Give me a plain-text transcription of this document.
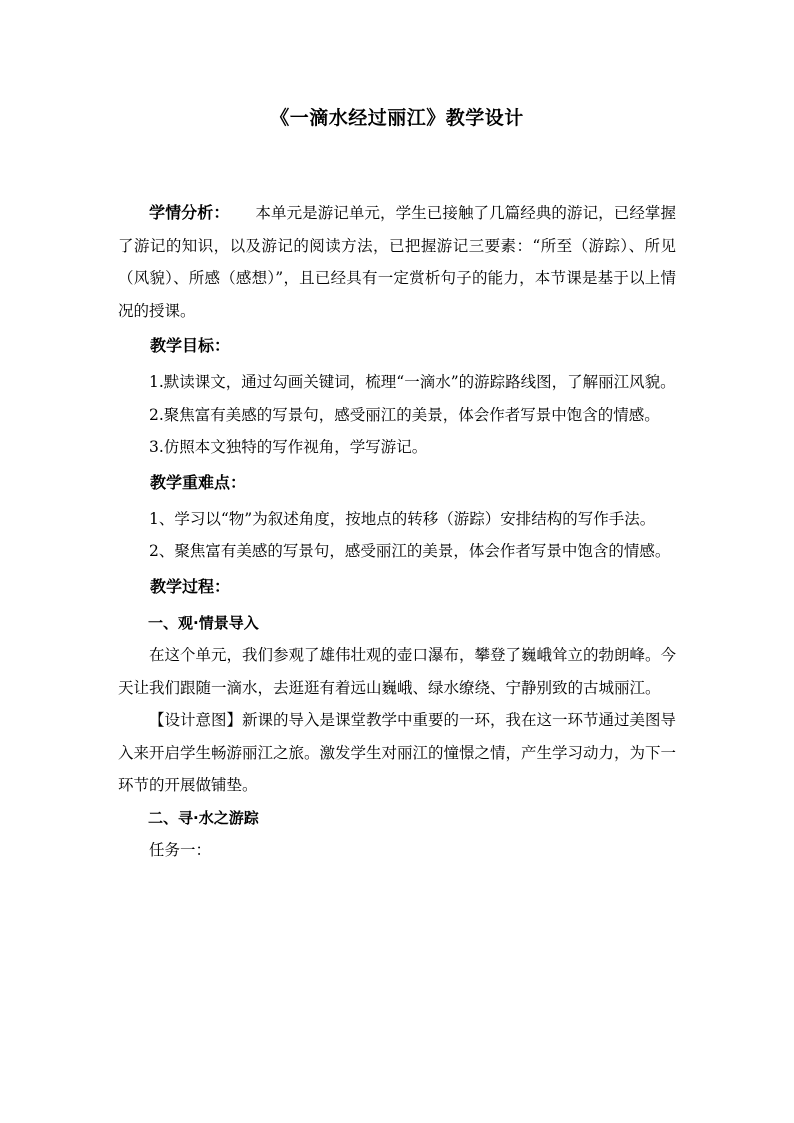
《一滴水经过丽江》教学设计

学情分析： 本单元是游记单元，学生已接触了几篇经典的游记，已经掌握了游记的知识，以及游记的阅读方法，已把握游记三要素：“所至（游踪）、所见（风貌）、所感（感想）”，且已经具有一定赏析句子的能力，本节课是基于以上情况的授课。

教学目标：

1.默读课文，通过勾画关键词，梳理“一滴水”的游踪路线图，了解丽江风貌。

2.聚焦富有美感的写景句，感受丽江的美景，体会作者写景中饱含的情感。

3.仿照本文独特的写作视角，学写游记。

教学重难点：

1、学习以“物”为叙述角度，按地点的转移（游踪）安排结构的写作手法。

2、聚焦富有美感的写景句，感受丽江的美景，体会作者写景中饱含的情感。

教学过程：

一、观·情景导入

在这个单元，我们参观了雄伟壮观的壶口瀑布，攀登了巍峨耸立的勃朗峰。今天让我们跟随一滴水，去逛逛有着远山巍峨、绿水缭绕、宁静别致的古城丽江。

【设计意图】新课的导入是课堂教学中重要的一环，我在这一环节通过美图导入来开启学生畅游丽江之旅。激发学生对丽江的憧憬之情，产生学习动力，为下一环节的开展做铺垫。

二、寻·水之游踪

任务一：
